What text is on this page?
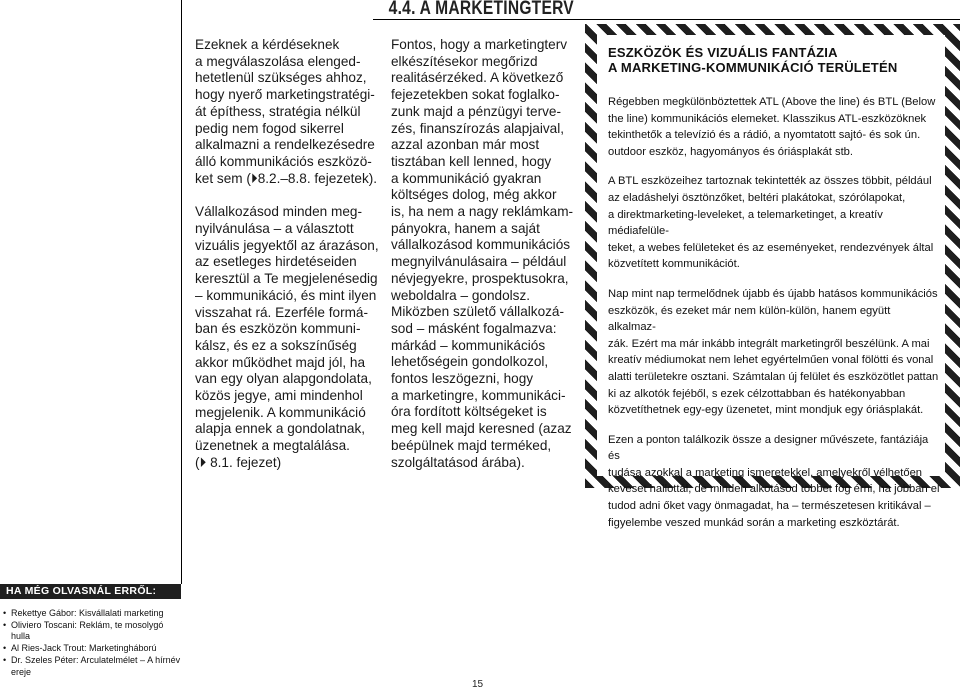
4.4. A MARKETINGTERV
Ezeknek a kérdéseknek
a megválaszolása elenged-
hetetlenül szükséges ahhoz,
hogy nyerő marketingstratégi-
át építhess, stratégia nélkül
pedig nem fogod sikerrel
alkalmazni a rendelkezésedre
álló kommunikációs eszközö-
ket sem (⏵8.2.–8.8. fejezetek).
Vállalkozásod minden meg-
nyilvánulása – a választott
vizuális jegyektől az árazáson,
az esetleges hirdetéseiden
keresztül a Te megjelenésedig
– kommunikáció, és mint ilyen
visszahat rá. Ezerféle formá-
ban és eszközön kommuni-
kálsz, és ez a sokszínűség
akkor működhet majd jól, ha
van egy olyan alapgondolata,
közös jegye, ami mindenhol
megjelenik. A kommunikáció
alapja ennek a gondolatnak,
üzenetnek a megtalálása.
(⏵ 8.1. fejezet)
Fontos, hogy a marketingterv
elkészítésekor megőrizd
realitásérzéked. A következő
fejezetekben sokat foglalko-
zunk majd a pénzügyi terve-
zés, finanszírozás alapjaival,
azzal azonban már most
tisztában kell lenned, hogy
a kommunikáció gyakran
költséges dolog, még akkor
is, ha nem a nagy reklámkam-
pányokra, hanem a saját
vállalkozásod kommunikációs
megnyilvánulásaira – például
névjegyekre, prospektusokra,
weboldalra – gondolsz.
Miközben születő vállalkozá-
sod – másként fogalmazva:
márkád – kommunikációs
lehetőségein gondolkozol,
fontos leszögezni, hogy
a marketingre, kommunikáci-
óra fordított költségeket is
meg kell majd keresned (azaz
beépülnek majd terméked,
szolgáltatásod árába).
ESZKÖZÖK ÉS VIZUÁLIS FANTÁZIA
A MARKETING-KOMMUNIKÁCIÓ TERÜLETÉN

Régebben megkülönböztettek ATL (Above the line) és BTL (Below
the line) kommunikációs elemeket. Klasszikus ATL-eszközöknek
tekinthetők a televízió és a rádió, a nyomtatott sajtó- és sok ún.
outdoor eszköz, hagyományos és óriásplakát stb.

A BTL eszközeihez tartoznak tekintették az összes többit, például
az eladáshelyi ösztönzőket, beltéri plakátokat, szórólapokat,
a direktmarketing-leveleket, a telemarketinget, a kreatív médiafelüle-
teket, a webes felületeket és az eseményeket, rendezvények által
közvetített kommunikációt.

Nap mint nap termelődnek újabb és újabb hatásos kommunikációs
eszközök, és ezeket már nem külön-külön, hanem együtt alkalmaz-
zák. Ezért ma már inkább integrált marketingről beszélünk. A mai
kreatív médiumokat nem lehet egyértelműen vonal fölötti és vonal
alatti területekre osztani. Számtalan új felület és eszközötlet pattan
ki az alkotók fejéből, s ezek célzottabban és hatékonyabban
közvetíthetnek egy-egy üzenetet, mint mondjuk egy óriásplakát.

Ezen a ponton találkozik össze a designer művészete, fantáziája és
tudása azokkal a marketing ismeretekkel, amelyekről vélhetően
keveset hallottál, de minden alkotásod többet fog érni, ha jobban el
tudod adni őket vagy önmagadat, ha – természetesen kritikával –
figyelembe veszed munkád során a marketing eszköztárát.

HA MÉG OLVASNÁL ERRŐL:
• Rekettye Gábor: Kisvállalati marketing
• Oliviero Toscani: Reklám, te mosolygó hulla
• Al Ries-Jack Trout: Marketingháború
• Dr. Szeles Péter: Arculatelmélet – A hírnév
ereje
15
